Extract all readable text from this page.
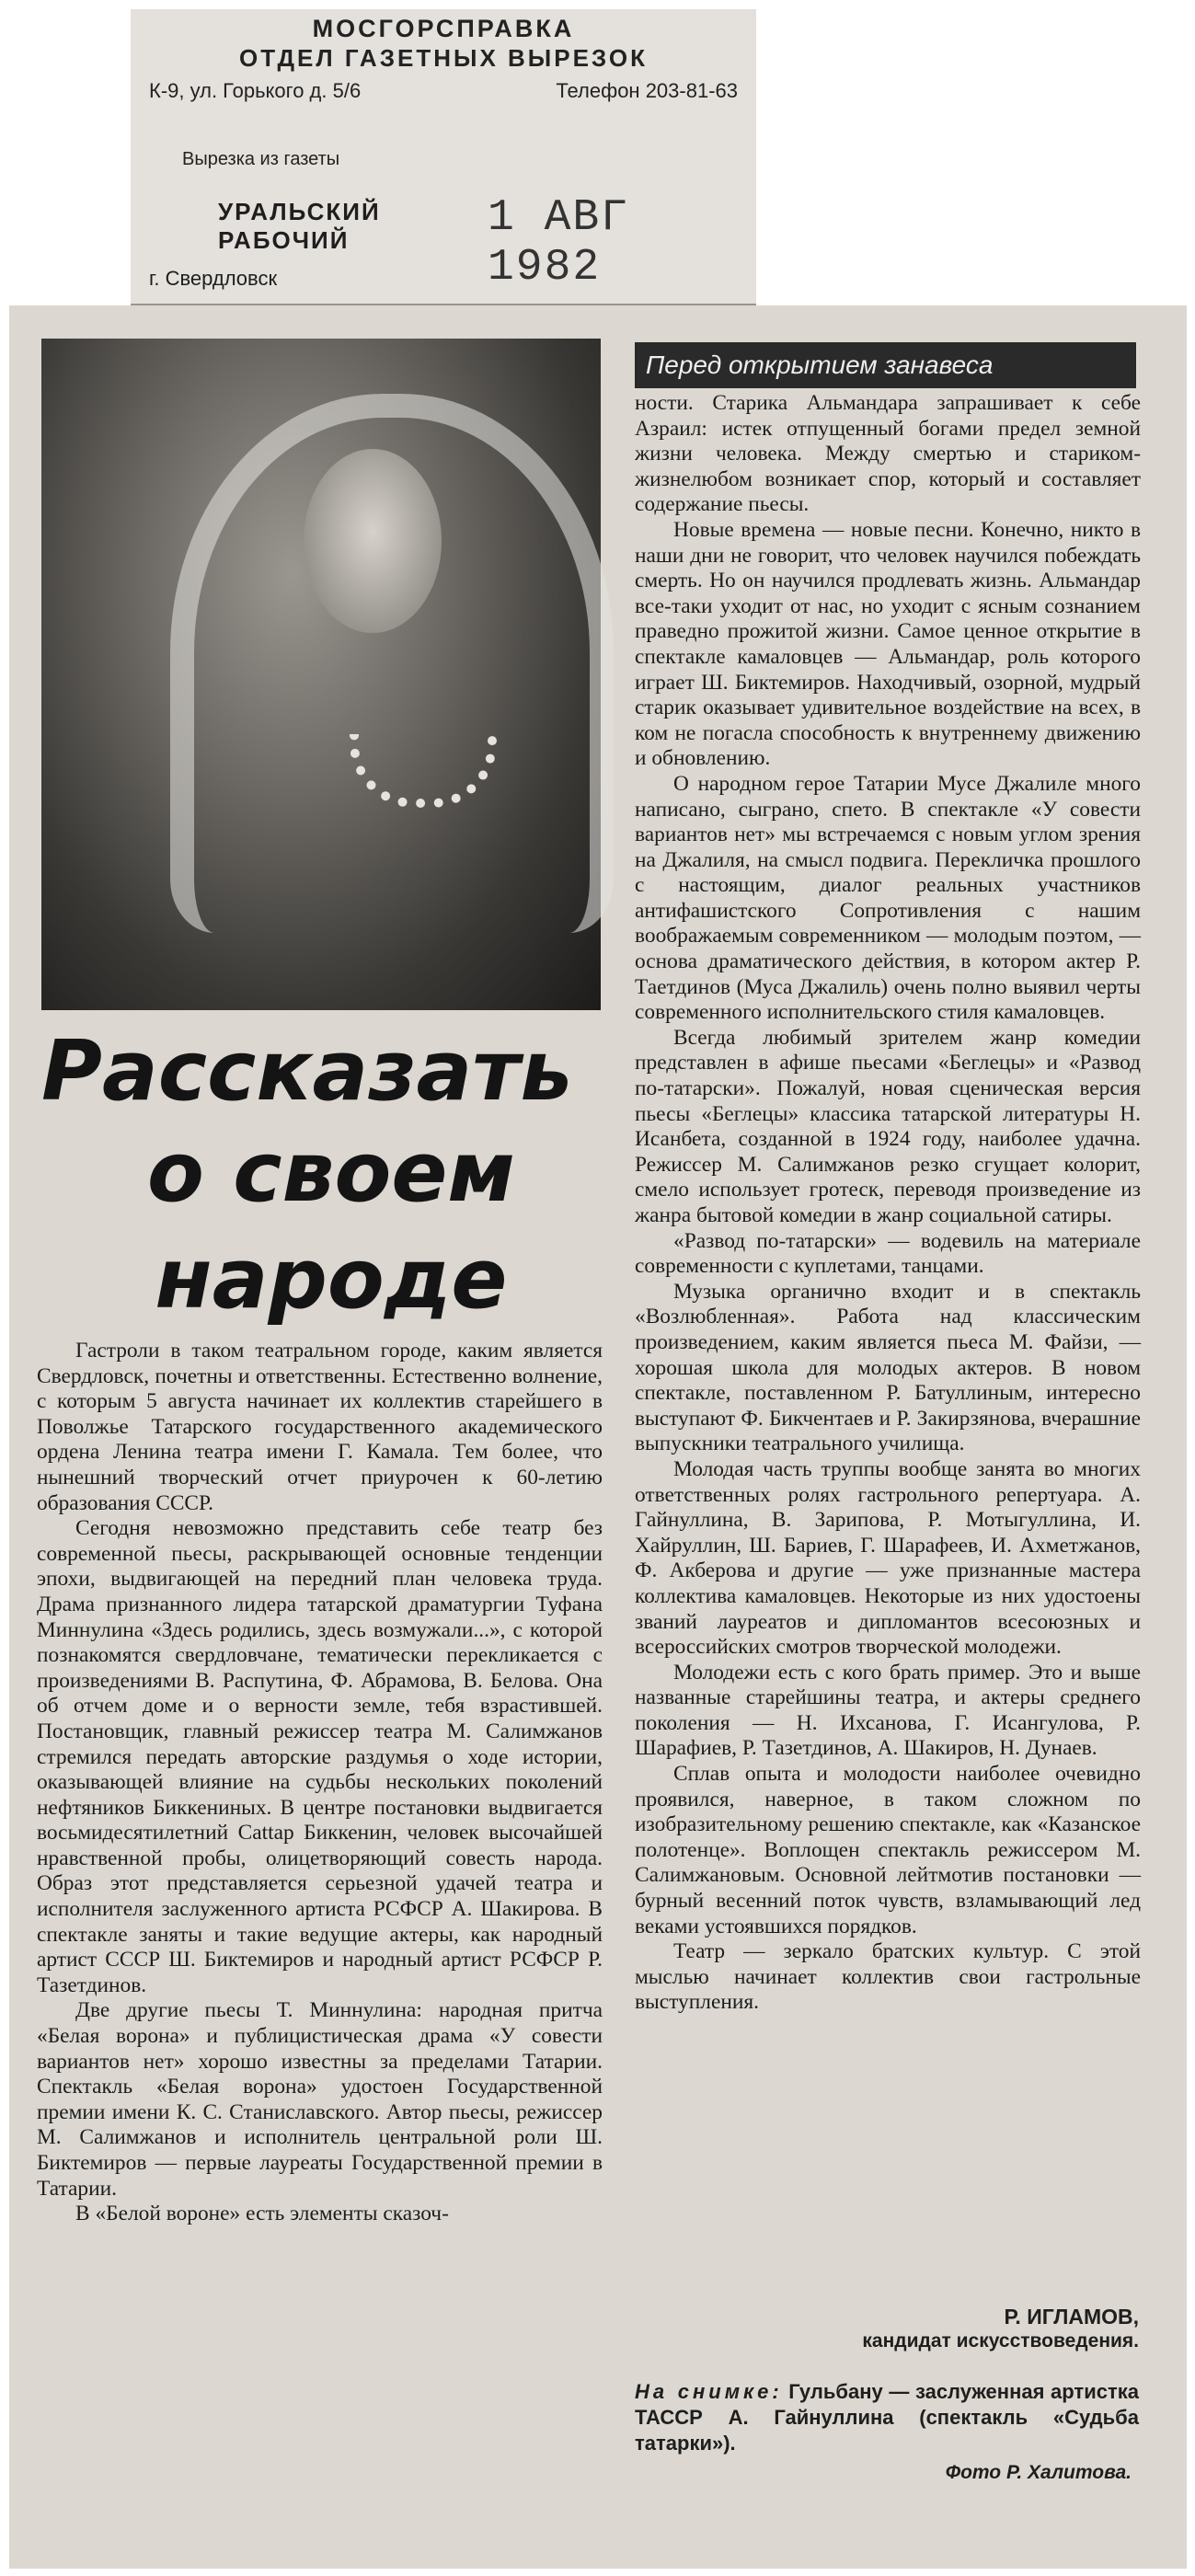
МОСГОРСПРАВКА
ОТДЕЛ ГАЗЕТНЫХ ВЫРЕЗОК
К-9, ул. Горького д. 5/6	Телефон 203-81-63
Вырезка из газеты
УРАЛЬСКИЙ
РАБОЧИЙ	1 АВГ 1982
г. Свердловск
Рассказать
о своем
народе
Перед открытием занавеса

Гастроли в таком театральном городе, каким является Свердловск, почетны и ответственны. Естественно волнение, с которым 5 августа начинает их коллектив старейшего в Поволжье Татарского государственного академического ордена Ленина театра имени Г. Камала. Тем более, что нынешний творческий отчет приурочен к 60-летию образования СССР.

Сегодня невозможно представить себе театр без современной пьесы, раскрывающей основные тенденции эпохи, выдвигающей на передний план человека труда. Драма признанного лидера татарской драматургии Туфана Миннулина «Здесь родились, здесь возмужали...», с которой познакомятся свердловчане, тематически перекликается с произведениями В. Распутина, Ф. Абрамова, В. Белова. Она об отчем доме и о верности земле, тебя взрастившей. Постановщик, главный режиссер театра М. Салимжанов стремился передать авторские раздумья о ходе истории, оказывающей влияние на судьбы нескольких поколений нефтяников Биккениных. В центре постановки выдвигается восьмидесятилетний Сattар Биккенин, человек высочайшей нравственной пробы, олицетворяющий совесть народа. Образ этот представляется серьезной удачей театра и исполнителя заслуженного артиста РСФСР А. Шакирова. В спектакле заняты и такие ведущие актеры, как народный артист СССР Ш. Биктемиров и народный артист РСФСР Р. Тазетдинов.

Две другие пьесы Т. Миннулина: народная притча «Белая ворона» и публицистическая драма «У совести вариантов нет» хорошо известны за пределами Татарии. Спектакль «Белая ворона» удостоен Государственной премии имени К. С. Станиславского. Автор пьесы, режиссер М. Салимжанов и исполнитель центральной роли Ш. Биктемиров — первые лауреаты Государственной премии в Татарии.

В «Белой вороне» есть элементы сказоч-

ности. Старика Альмандара запрашивает к себе Азраил: истек отпущенный богами предел земной жизни человека. Между смертью и стариком-жизнелюбом возникает спор, который и составляет содержание пьесы.

Новые времена — новые песни. Конечно, никто в наши дни не говорит, что человек научился побеждать смерть. Но он научился продлевать жизнь. Альмандар все-таки уходит от нас, но уходит с ясным сознанием праведно прожитой жизни. Самое ценное открытие в спектакле камаловцев — Альмандар, роль которого играет Ш. Биктемиров. Находчивый, озорной, мудрый старик оказывает удивительное воздействие на всех, в ком не погасла способность к внутреннему движению и обновлению.

О народном герое Татарии Мусе Джалиле много написано, сыграно, спето. В спектакле «У совести вариантов нет» мы встречаемся с новым углом зрения на Джалиля, на смысл подвига. Перекличка прошлого с настоящим, диалог реальных участников антифашистского Сопротивления с нашим воображаемым современником — молодым поэтом, — основа драматического действия, в котором актер Р. Таетдинов (Муса Джалиль) очень полно выявил черты современного исполнительского стиля камаловцев.

Всегда любимый зрителем жанр комедии представлен в афише пьесами «Беглецы» и «Развод по-татарски». Пожалуй, новая сценическая версия пьесы «Беглецы» классика татарской литературы Н. Исанбета, созданной в 1924 году, наиболее удачна. Режиссер М. Салимжанов резко сгущает колорит, смело использует гротеск, переводя произведение из жанра бытовой комедии в жанр социальной сатиры.

«Развод по-татарски» — водевиль на материале современности с куплетами, танцами.

Музыка органично входит и в спектакль «Возлюбленная». Работа над классическим произведением, каким является пьеса М. Файзи, — хорошая школа для молодых актеров. В новом спектакле, поставленном Р. Батуллиным, интересно выступают Ф. Бикчентаев и Р. Закирзянова, вчерашние выпускники театрального училища.

Молодая часть труппы вообще занята во многих ответственных ролях гастрольного репертуара. А. Гайнуллина, В. Зарипова, Р. Мотыгуллина, И. Хайруллин, Ш. Бариев, Г. Шарафеев, И. Ахметжанов, Ф. Акберова и другие — уже признанные мастера коллектива камаловцев. Некоторые из них удостоены званий лауреатов и дипломантов всесоюзных и всероссийских смотров творческой молодежи.

Молодежи есть с кого брать пример. Это и выше названные старейшины театра, и актеры среднего поколения — Н. Ихсанова, Г. Исангулова, Р. Шарафиев, Р. Тазетдинов, А. Шакиров, Н. Дунаев.

Сплав опыта и молодости наиболее очевидно проявился, наверное, в таком сложном по изобразительному решению спектакле, как «Казанское полотенце». Воплощен спектакль режиссером М. Салимжановым. Основной лейтмотив постановки — бурный весенний поток чувств, взламывающий лед веками устоявшихся порядков.

Театр — зеркало братских культур. С этой мыслью начинает коллектив свои гастрольные выступления.

Р. ИГЛАМОВ,
кандидат искусствоведения.
На снимке: Гульбану — заслуженная артистка ТАССР А. Гайнуллина (спектакль «Судьба татарки»).
Фото Р. Халитова.
